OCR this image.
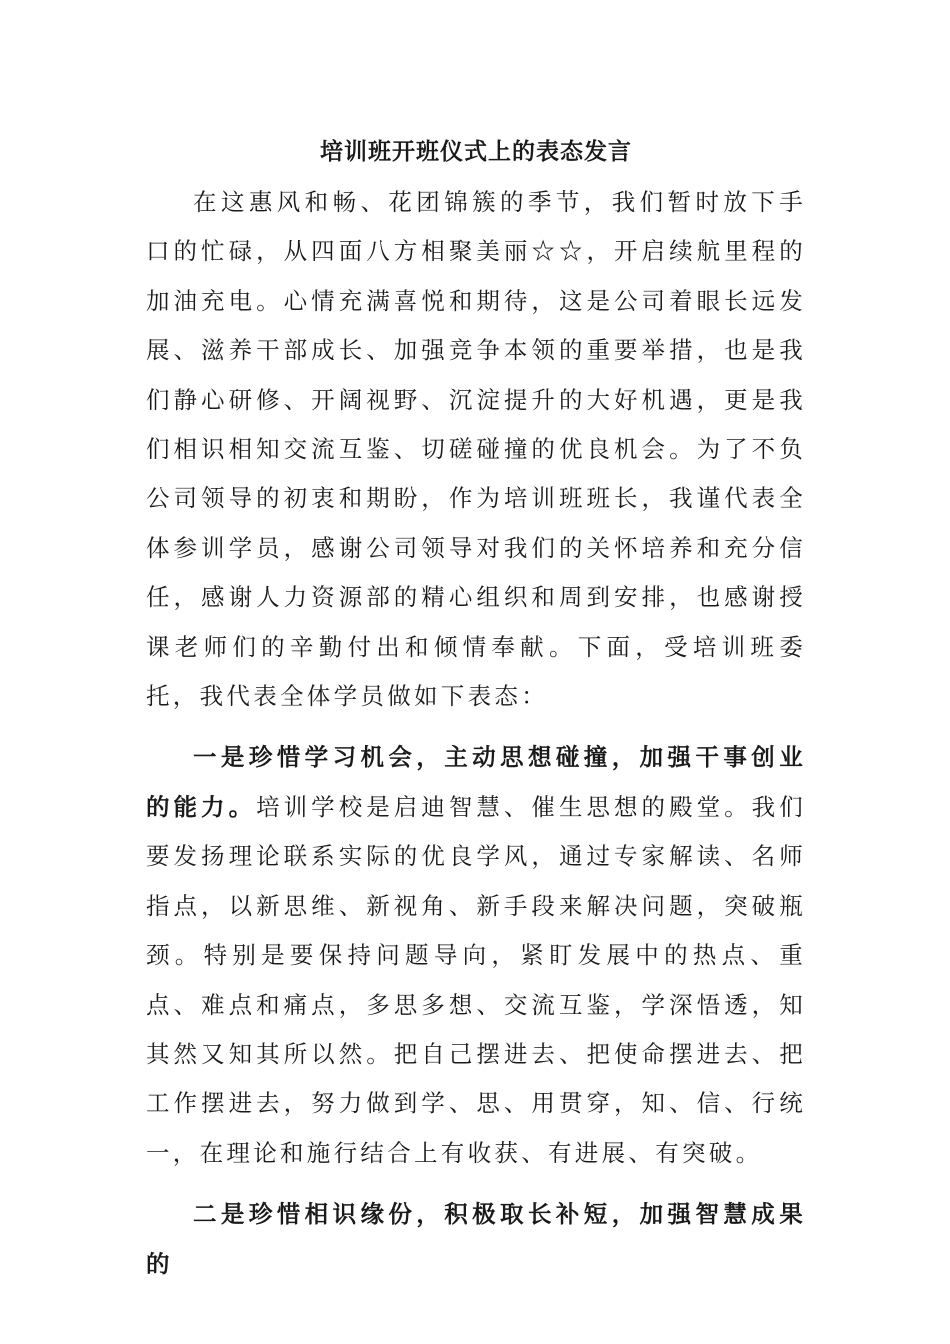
培训班开班仪式上的表态发言

在这惠风和畅、花团锦簇的季节，我们暂时放下手口的忙碌，从四面八方相聚美丽☆☆，开启续航里程的加油充电。心情充满喜悦和期待，这是公司着眼长远发展、滋养干部成长、加强竞争本领的重要举措，也是我们静心研修、开阔视野、沉淀提升的大好机遇，更是我们相识相知交流互鉴、切磋碰撞的优良机会。为了不负公司领导的初衷和期盼，作为培训班班长，我谨代表全体参训学员，感谢公司领导对我们的关怀培养和充分信任，感谢人力资源部的精心组织和周到安排，也感谢授课老师们的辛勤付出和倾情奉献。下面，受培训班委托，我代表全体学员做如下表态：

一是珍惜学习机会，主动思想碰撞，加强干事创业的能力。培训学校是启迪智慧、催生思想的殿堂。我们要发扬理论联系实际的优良学风，通过专家解读、名师指点，以新思维、新视角、新手段来解决问题，突破瓶颈。特别是要保持问题导向，紧盯发展中的热点、重点、难点和痛点，多思多想、交流互鉴，学深悟透，知其然又知其所以然。把自己摆进去、把使命摆进去、把工作摆进去，努力做到学、思、用贯穿，知、信、行统一，在理论和施行结合上有收获、有进展、有突破。

二是珍惜相识缘份，积极取长补短，加强智慧成果的
